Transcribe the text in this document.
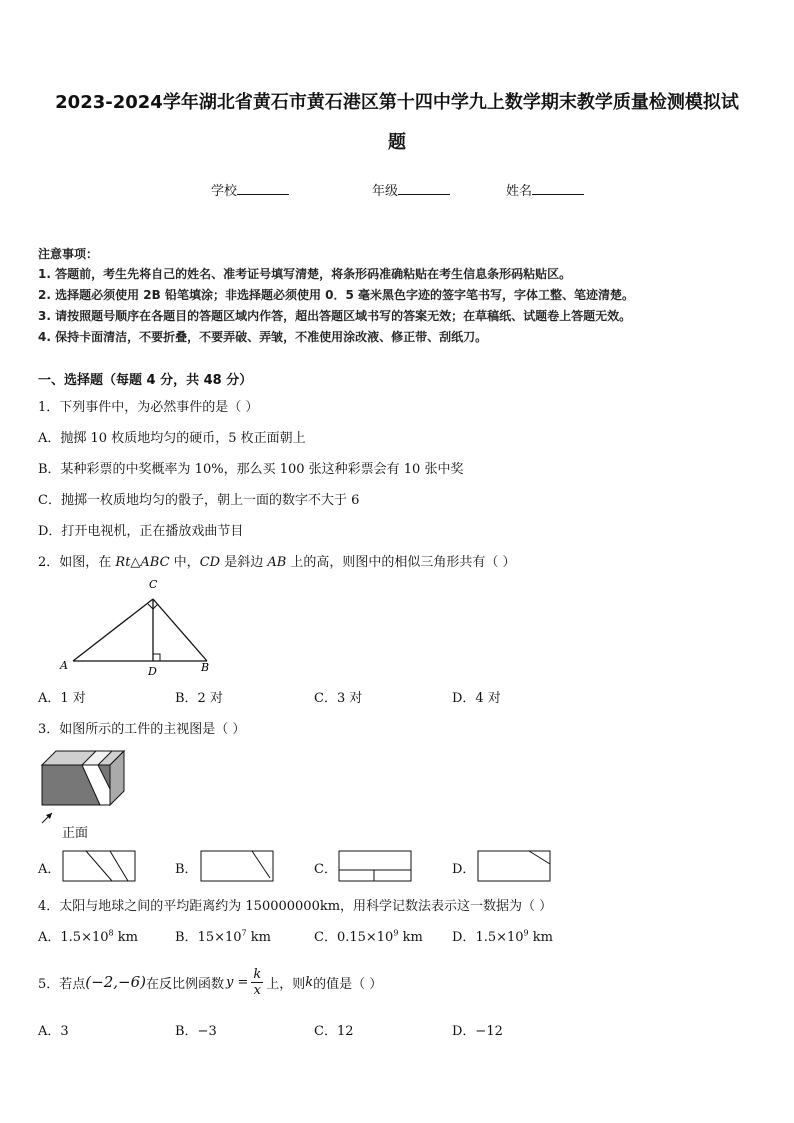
2023-2024学年湖北省黄石市黄石港区第十四中学九上数学期末教学质量检测模拟试
题
学校	年级	姓名
注意事项：
1. 答题前，考生先将自己的姓名、准考证号填写清楚，将条形码准确粘贴在考生信息条形码粘贴区。
2. 选择题必须使用 2B 铅笔填涂；非选择题必须使用 0．5 毫米黑色字迹的签字笔书写，字体工整、笔迹清楚。
3. 请按照题号顺序在各题目的答题区域内作答，超出答题区域书写的答案无效；在草稿纸、试题卷上答题无效。
4. 保持卡面清洁，不要折叠，不要弄破、弄皱，不准使用涂改液、修正带、刮纸刀。
一、选择题（每题 4 分，共 48 分）
1．下列事件中，为必然事件的是（ ）
A．抛掷 10 枚质地均匀的硬币，5 枚正面朝上
B．某种彩票的中奖概率为 10%，那么买 100 张这种彩票会有 10 张中奖
C．抛掷一枚质地均匀的骰子，朝上一面的数字不大于 6
D．打开电视机，正在播放戏曲节目
2．如图，在 Rt△ABC 中，CD 是斜边 AB 上的高，则图中的相似三角形共有（ ）
C
A	B
D
A．1 对	B．2 对	C．3 对	D．4 对
3．如图所示的工件的主视图是（ ）
正面
A．	B．	C．	D．
4．太阳与地球之间的平均距离约为 150000000km，用科学记数法表示这一数据为（ ）
A．$1.5\times 10^8$ km	B．$15\times 10^7$ km	C．$0.15\times 10^9$ km D．$1.5\times 10^9$ km
5．若点 (−2,−6) 在反比例函数 $y = \frac{k}{x}$ 上，则 k 的值是（ ）
A．3	B．−3	C．12	D．−12
